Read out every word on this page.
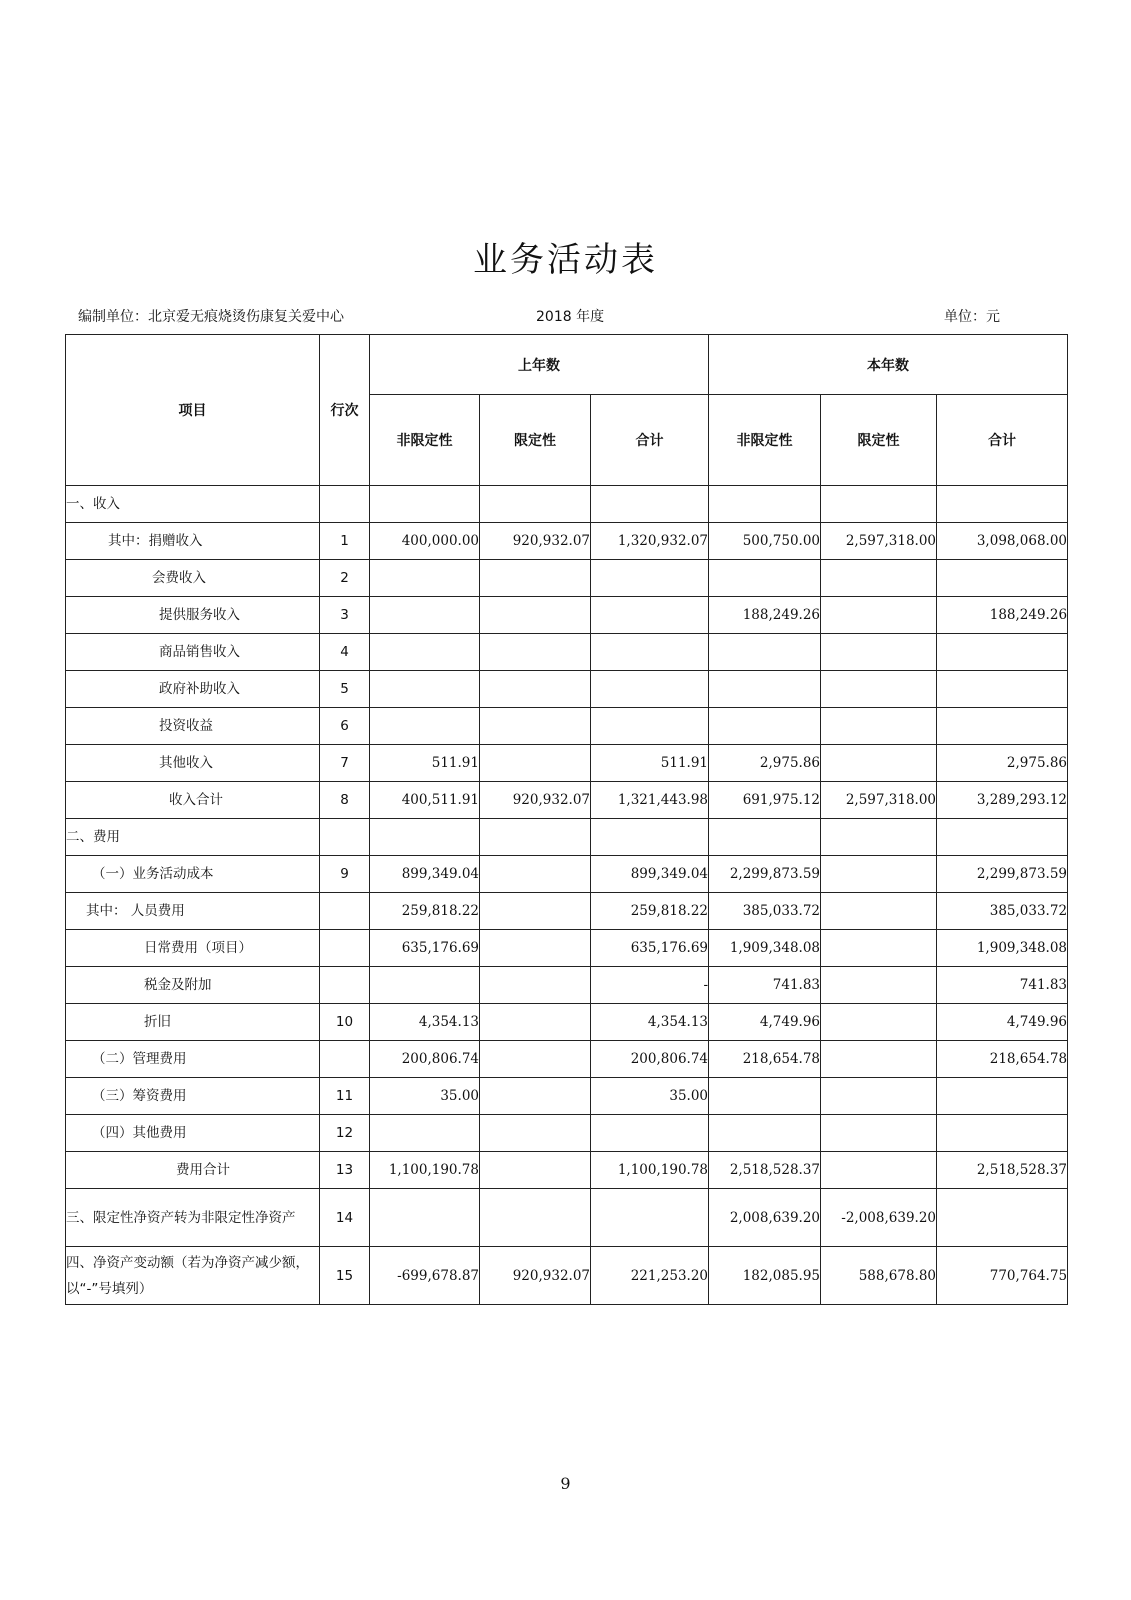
业务活动表
编制单位：北京爱无痕烧烫伤康复关爱中心	2018 年度	单位：元
项目	行次	上年数			本年数		
		非限定性	限定性	合计	非限定性	限定性	合计
一、收入							
其中：捐赠收入	1	400,000.00	920,932.07	1,320,932.07	500,750.00	2,597,318.00	3,098,068.00
会费收入	2						
提供服务收入	3				188,249.26		188,249.26
商品销售收入	4						
政府补助收入	5						
投资收益	6						
其他收入	7	511.91		511.91	2,975.86		2,975.86
收入合计	8	400,511.91	920,932.07	1,321,443.98	691,975.12	2,597,318.00	3,289,293.12
二、费用							
（一）业务活动成本	9	899,349.04		899,349.04	2,299,873.59		2,299,873.59
其中： 人员费用		259,818.22		259,818.22	385,033.72		385,033.72
日常费用（项目）		635,176.69		635,176.69	1,909,348.08		1,909,348.08
税金及附加				-	741.83		741.83
折旧	10	4,354.13		4,354.13	4,749.96		4,749.96
（二）管理费用		200,806.74		200,806.74	218,654.78		218,654.78
（三）筹资费用	11	35.00		35.00			
（四）其他费用	12						
费用合计	13	1,100,190.78		1,100,190.78	2,518,528.37		2,518,528.37
三、限定性净资产转为非限定性净资产	14				2,008,639.20	-2,008,639.20	
四、净资产变动额（若为净资产减少额，以“-”号填列）	15	-699,678.87	920,932.07	221,253.20	182,085.95	588,678.80	770,764.75
9
